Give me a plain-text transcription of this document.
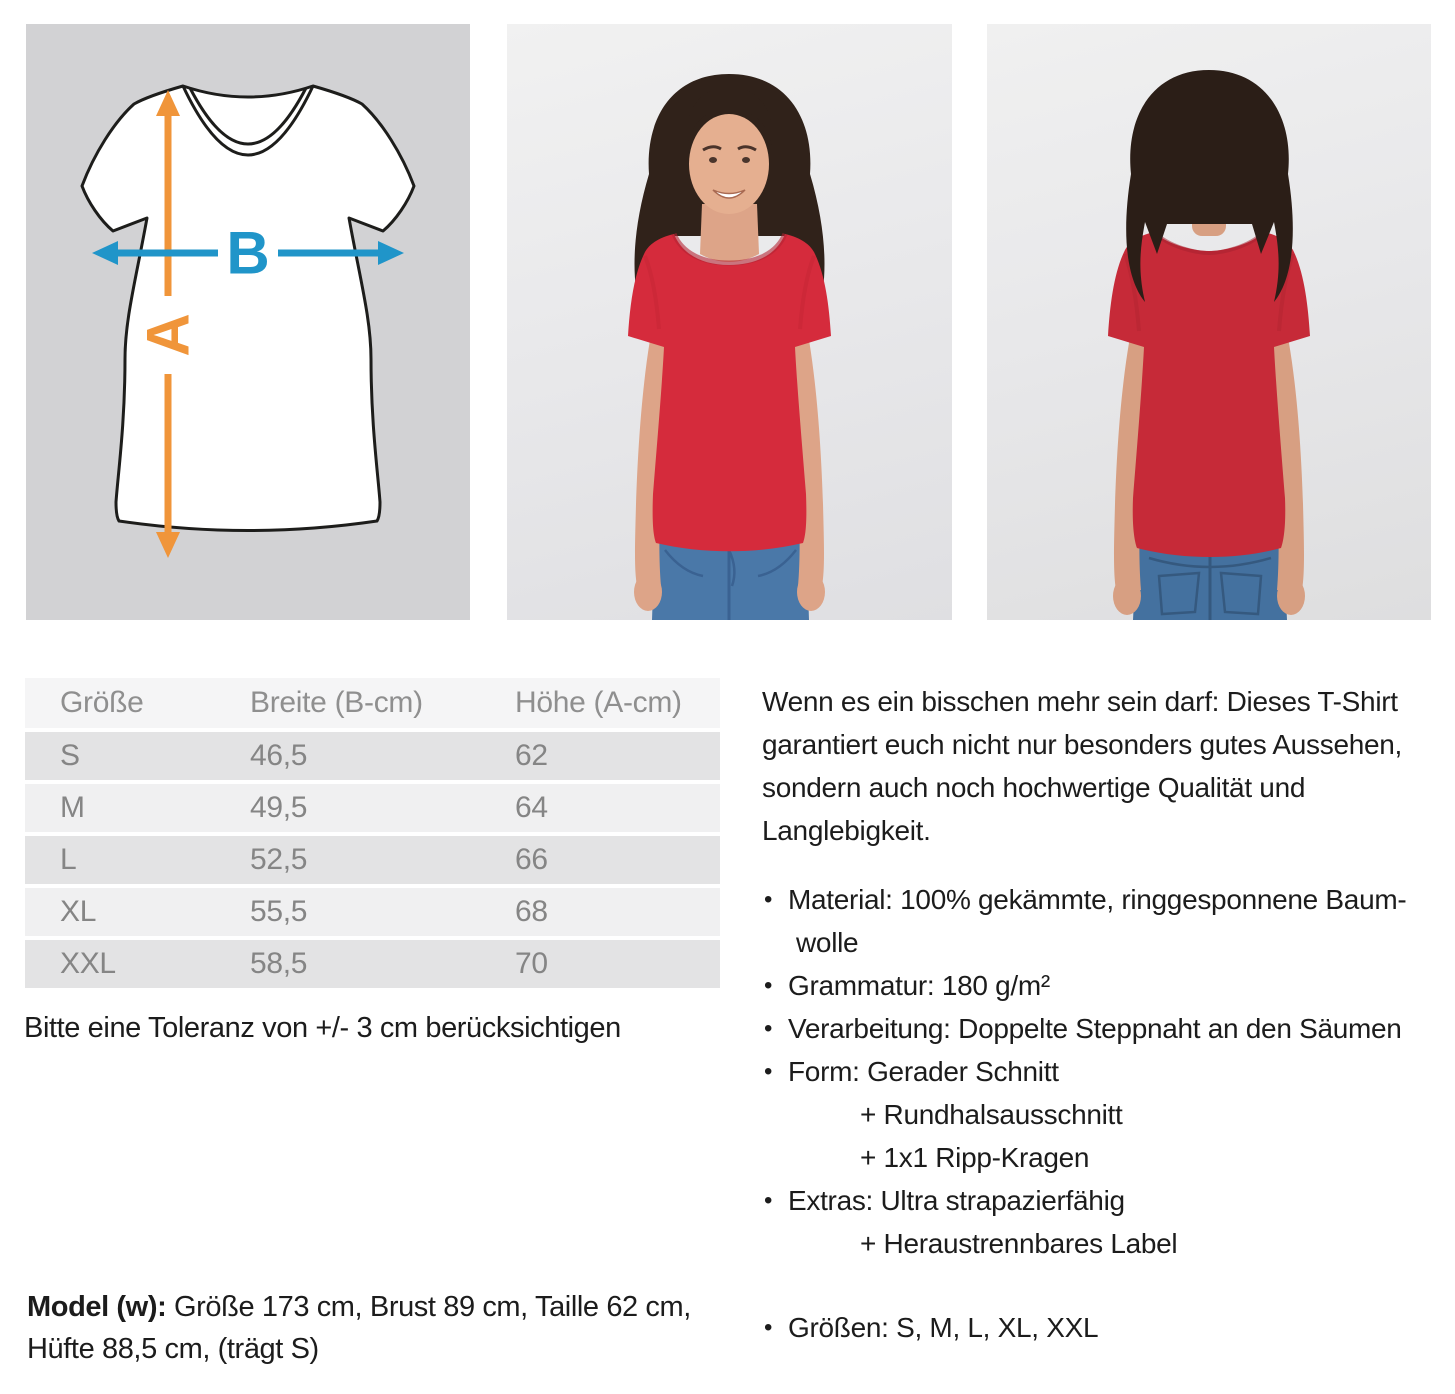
A
B
Größe	Breite (B-cm)	Höhe (A-cm)
S	46,5	62
M	49,5	64
L	52,5	66
XL	55,5	68
XXL	58,5	70
Bitte eine Toleranz von +/- 3 cm berücksichtigen
Model (w): Größe 173 cm, Brust 89 cm, Taille 62 cm,
Hüfte 88,5 cm, (trägt S)
Wenn es ein bisschen mehr sein darf: Dieses T-Shirt
garantiert euch nicht nur besonders gutes Aussehen,
sondern auch noch hochwertige Qualität und
Langlebigkeit.
• Material: 100% gekämmte, ringgesponnene Baum-
wolle
• Grammatur: 180 g/m²
• Verarbeitung: Doppelte Steppnaht an den Säumen
• Form: Gerader Schnitt
+ Rundhalsausschnitt
+ 1x1 Ripp-Kragen
• Extras: Ultra strapazierfähig
+ Heraustrennbares Label
• Größen: S, M, L, XL, XXL
